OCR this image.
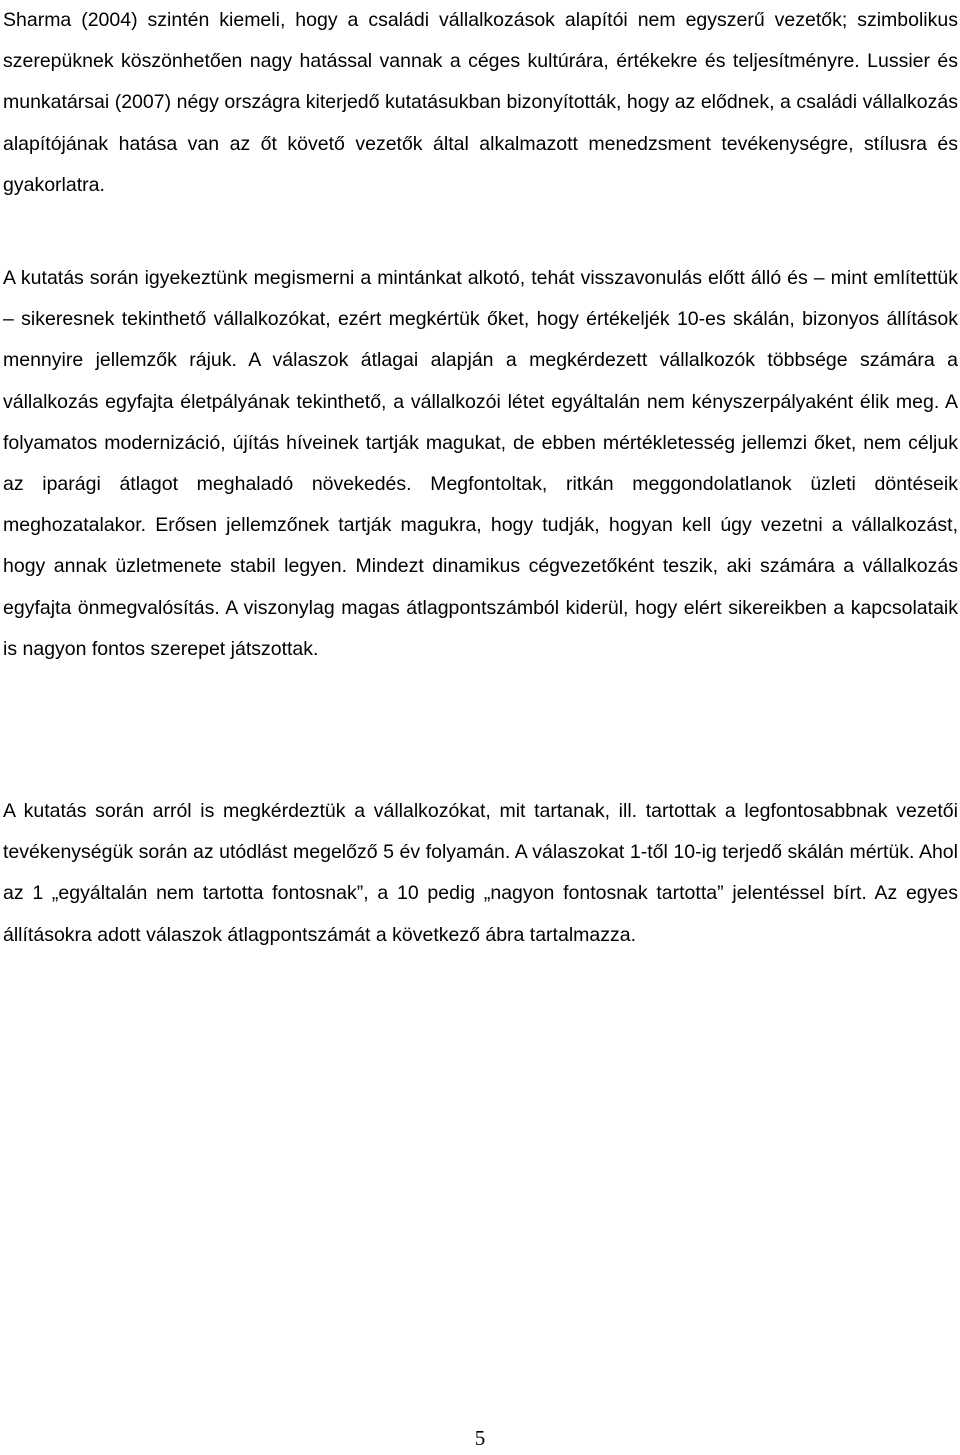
Sharma (2004) szintén kiemeli, hogy a családi vállalkozások alapítói nem egyszerű vezetők; szimbolikus szerepüknek köszönhetően nagy hatással vannak a céges kultúrára, értékekre és teljesítményre. Lussier és munkatársai (2007) négy országra kiterjedő kutatásukban bizonyították, hogy az elődnek, a családi vállalkozás alapítójának hatása van az őt követő vezetők által alkalmazott menedzsment tevékenységre, stílusra és gyakorlatra.

A kutatás során igyekeztünk megismerni a mintánkat alkotó, tehát visszavonulás előtt álló és – mint említettük – sikeresnek tekinthető vállalkozókat, ezért megkértük őket, hogy értékeljék 10-es skálán, bizonyos állítások mennyire jellemzők rájuk. A válaszok átlagai alapján a megkérdezett vállalkozók többsége számára a vállalkozás egyfajta életpályának tekinthető, a vállalkozói létet egyáltalán nem kényszerpályaként élik meg. A folyamatos modernizáció, újítás híveinek tartják magukat, de ebben mértékletesség jellemzi őket, nem céljuk az iparági átlagot meghaladó növekedés. Megfontoltak, ritkán meggondolatlanok üzleti döntéseik meghozatalakor. Erősen jellemzőnek tartják magukra, hogy tudják, hogyan kell úgy vezetni a vállalkozást, hogy annak üzletmenete stabil legyen. Mindezt dinamikus cégvezetőként teszik, aki számára a vállalkozás egyfajta önmegvalósítás. A viszonylag magas átlagpontszámból kiderül, hogy elért sikereikben a kapcsolataik is nagyon fontos szerepet játszottak.

A kutatás során arról is megkérdeztük a vállalkozókat, mit tartanak, ill. tartottak a legfontosabbnak vezetői tevékenységük során az utódlást megelőző 5 év folyamán. A válaszokat 1-től 10-ig terjedő skálán mértük. Ahol az 1 „egyáltalán nem tartotta fontosnak”, a 10 pedig „nagyon fontosnak tartotta” jelentéssel bírt. Az egyes állításokra adott válaszok átlagpontszámát a következő ábra tartalmazza.

5
